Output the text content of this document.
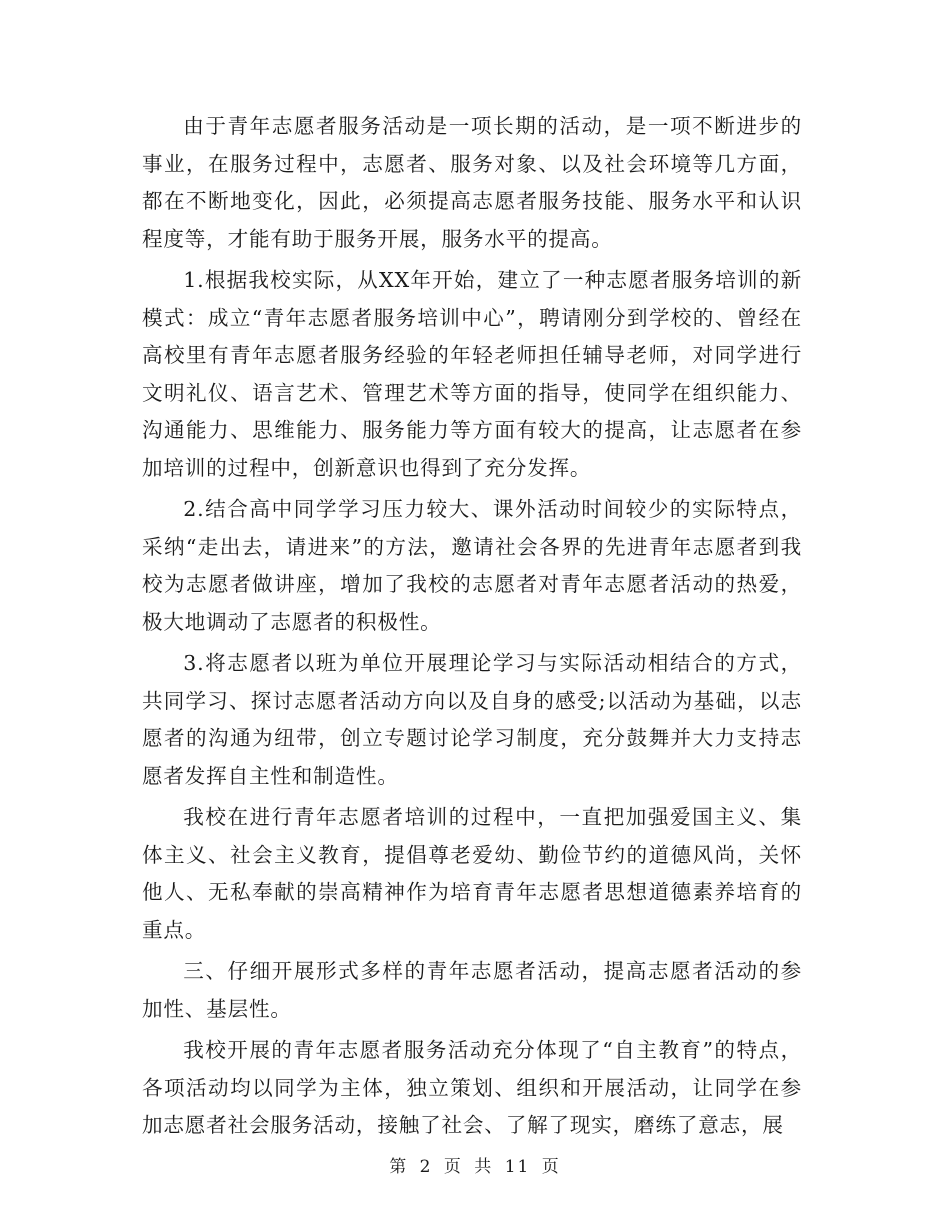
由于青年志愿者服务活动是一项长期的活动，是一项不断进步的事业，在服务过程中，志愿者、服务对象、以及社会环境等几方面，都在不断地变化，因此，必须提高志愿者服务技能、服务水平和认识程度等，才能有助于服务开展，服务水平的提高。

1.根据我校实际，从XX年开始，建立了一种志愿者服务培训的新模式：成立“青年志愿者服务培训中心”，聘请刚分到学校的、曾经在高校里有青年志愿者服务经验的年轻老师担任辅导老师，对同学进行文明礼仪、语言艺术、管理艺术等方面的指导，使同学在组织能力、沟通能力、思维能力、服务能力等方面有较大的提高，让志愿者在参加培训的过程中，创新意识也得到了充分发挥。

2.结合高中同学学习压力较大、课外活动时间较少的实际特点，采纳“走出去，请进来”的方法，邀请社会各界的先进青年志愿者到我校为志愿者做讲座，增加了我校的志愿者对青年志愿者活动的热爱，极大地调动了志愿者的积极性。

3.将志愿者以班为单位开展理论学习与实际活动相结合的方式，共同学习、探讨志愿者活动方向以及自身的感受;以活动为基础，以志愿者的沟通为纽带，创立专题讨论学习制度，充分鼓舞并大力支持志愿者发挥自主性和制造性。

我校在进行青年志愿者培训的过程中，一直把加强爱国主义、集体主义、社会主义教育，提倡尊老爱幼、勤俭节约的道德风尚，关怀他人、无私奉献的崇高精神作为培育青年志愿者思想道德素养培育的重点。

三、仔细开展形式多样的青年志愿者活动，提高志愿者活动的参加性、基层性。

我校开展的青年志愿者服务活动充分体现了“自主教育”的特点，各项活动均以同学为主体，独立策划、组织和开展活动，让同学在参加志愿者社会服务活动，接触了社会、了解了现实，磨练了意志，展

第 2 页 共 11 页
